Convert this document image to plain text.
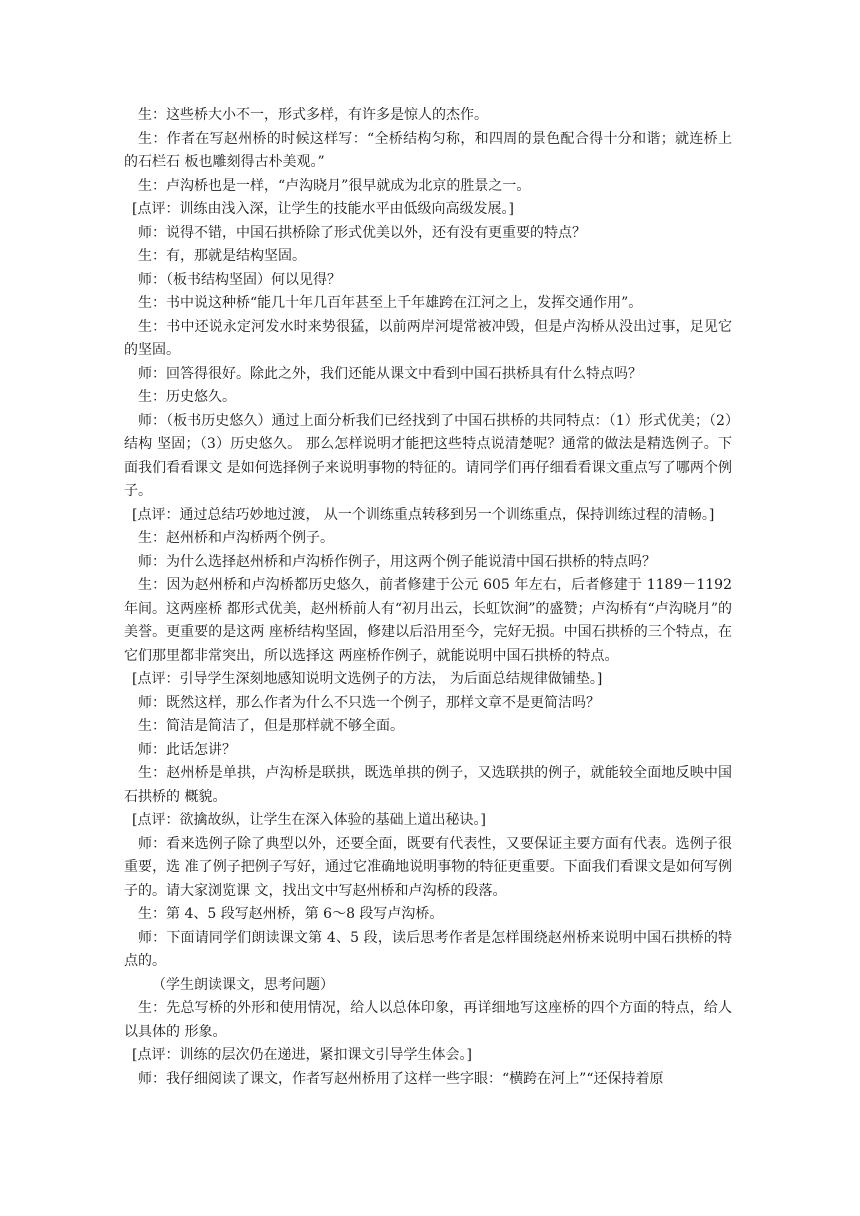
生：这些桥大小不一，形式多样，有许多是惊人的杰作。

生：作者在写赵州桥的时候这样写：“全桥结构匀称，和四周的景色配合得十分和谐；就连桥上的石栏石 板也雕刻得古朴美观。”

生：卢沟桥也是一样，“卢沟晓月”很早就成为北京的胜景之一。

[点评：训练由浅入深，让学生的技能水平由低级向高级发展。]

师：说得不错，中国石拱桥除了形式优美以外，还有没有更重要的特点？

生：有，那就是结构坚固。

师：（板书结构坚固）何以见得？

生：书中说这种桥“能几十年几百年甚至上千年雄跨在江河之上，发挥交通作用”。

生：书中还说永定河发水时来势很猛，以前两岸河堤常被冲毁，但是卢沟桥从没出过事，足见它的坚固。

师：回答得很好。除此之外，我们还能从课文中看到中国石拱桥具有什么特点吗？

生：历史悠久。

师：（板书历史悠久）通过上面分析我们已经找到了中国石拱桥的共同特点：（1）形式优美；（2）结构 坚固；（3）历史悠久。 那么怎样说明才能把这些特点说清楚呢？通常的做法是精选例子。下面我们看看课文 是如何选择例子来说明事物的特征的。请同学们再仔细看看课文重点写了哪两个例子。

[点评：通过总结巧妙地过渡， 从一个训练重点转移到另一个训练重点，保持训练过程的清畅。]

生：赵州桥和卢沟桥两个例子。

师：为什么选择赵州桥和卢沟桥作例子，用这两个例子能说清中国石拱桥的特点吗？

生：因为赵州桥和卢沟桥都历史悠久，前者修建于公元 605 年左右，后者修建于 1189－1192 年间。这两座桥 都形式优美，赵州桥前人有“初月出云，长虹饮涧”的盛赞；卢沟桥有“卢沟晓月”的美誉。更重要的是这两 座桥结构坚固，修建以后沿用至今，完好无损。中国石拱桥的三个特点，在它们那里都非常突出，所以选择这 两座桥作例子，就能说明中国石拱桥的特点。

[点评：引导学生深刻地感知说明文选例子的方法， 为后面总结规律做铺垫。]

师：既然这样，那么作者为什么不只选一个例子，那样文章不是更简洁吗？

生：简洁是简洁了，但是那样就不够全面。

师：此话怎讲？

生：赵州桥是单拱，卢沟桥是联拱，既选单拱的例子，又选联拱的例子，就能较全面地反映中国石拱桥的 概貌。

[点评：欲擒故纵，让学生在深入体验的基础上道出秘诀。]

师：看来选例子除了典型以外，还要全面，既要有代表性，又要保证主要方面有代表。选例子很重要，选 准了例子把例子写好，通过它准确地说明事物的特征更重要。下面我们看课文是如何写例子的。请大家浏览课 文，找出文中写赵州桥和卢沟桥的段落。

生：第 4、5 段写赵州桥，第 6～8 段写卢沟桥。

师：下面请同学们朗读课文第 4、5 段，读后思考作者是怎样围绕赵州桥来说明中国石拱桥的特点的。

（学生朗读课文，思考问题）

生：先总写桥的外形和使用情况，给人以总体印象，再详细地写这座桥的四个方面的特点，给人以具体的 形象。

[点评：训练的层次仍在递进，紧扣课文引导学生体会。]

师：我仔细阅读了课文，作者写赵州桥用了这样一些字眼：“横跨在河上”“还保持着原
